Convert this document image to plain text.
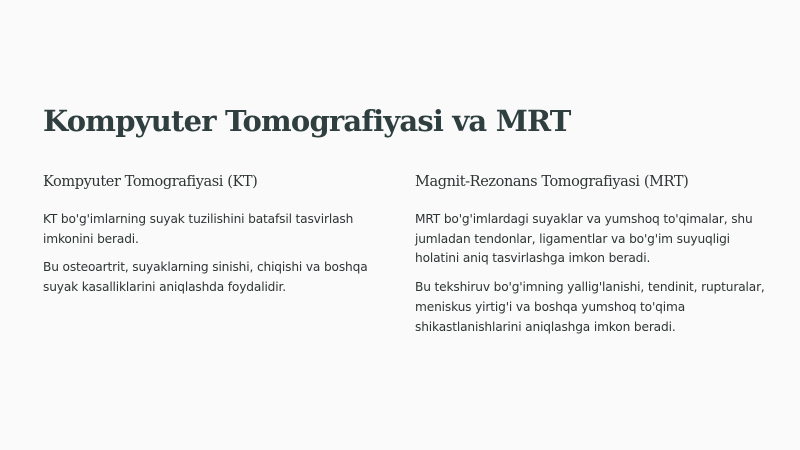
Kompyuter Tomografiyasi va MRT
Kompyuter Tomografiyasi (KT)

KT bo'g'imlarning suyak tuzilishini batafsil tasvirlash imkonini beradi.

Bu osteoartrit, suyaklarning sinishi, chiqishi va boshqa suyak kasalliklarini aniqlashda foydalidir.

Magnit-Rezonans Tomografiyasi (MRT)

MRT bo'g'imlardagi suyaklar va yumshoq to'qimalar, shu jumladan tendonlar, ligamentlar va bo'g'im suyuqligi holatini aniq tasvirlashga imkon beradi.

Bu tekshiruv bo'g'imning yallig'lanishi, tendinit, rupturalar, meniskus yirtig'i va boshqa yumshoq to'qima shikastlanishlarini aniqlashga imkon beradi.
